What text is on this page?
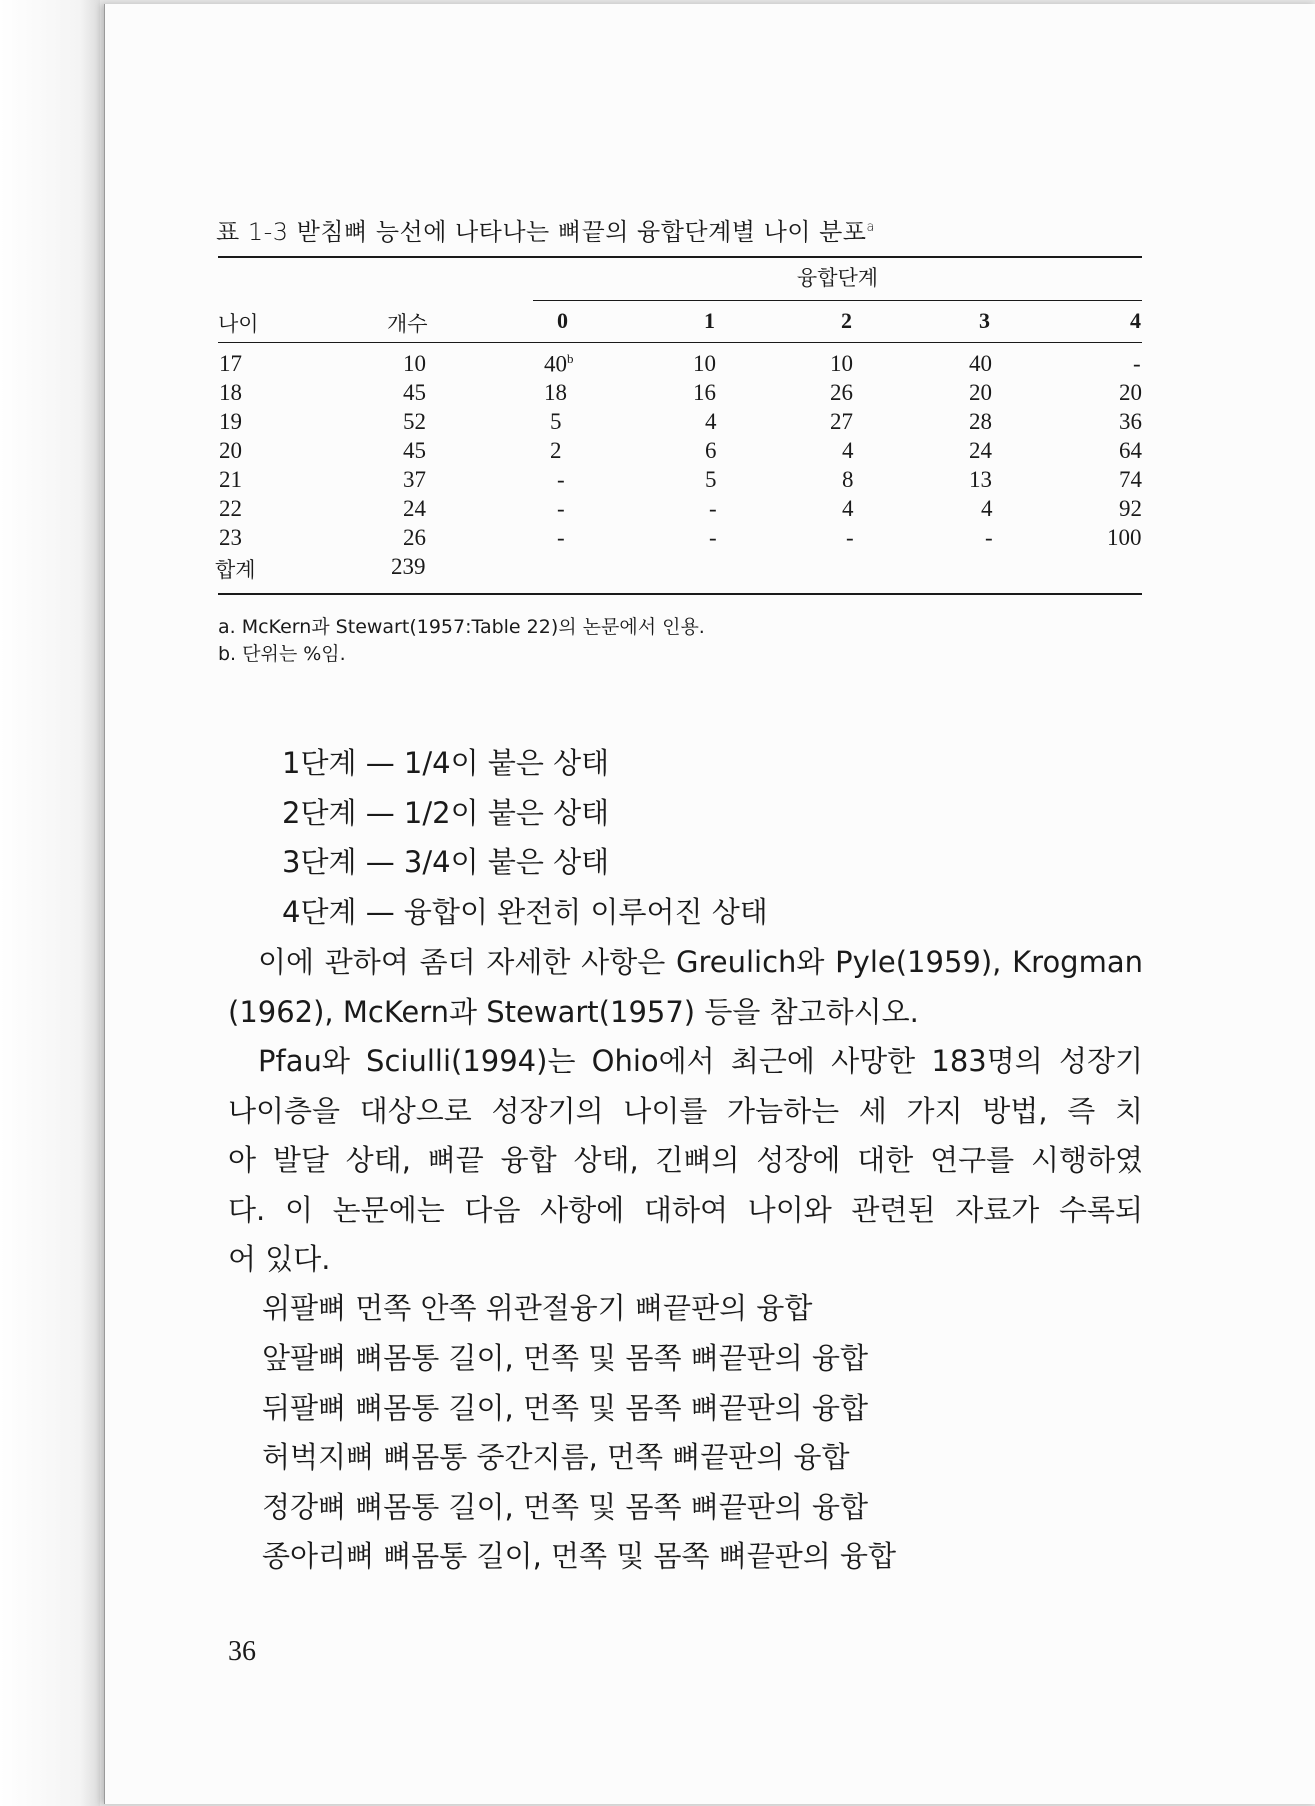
표 1-3 받침뼈 능선에 나타나는 뼈끝의 융합단계별 나이 분포$^a$
융합단계
나이	개수	0	1	2	3	4
17	10	40$^b$	10	10	40	-
18	45	18	16	26	20	20
19	52	5	4	27	28	36
20	45	2	6	4	24	64
21	37	-	5	8	13	74
22	24	-	-	4	4	92
23	26	-	-	-	-	100
합계	239
a. McKern과 Stewart(1957:Table 22)의 논문에서 인용.
b. 단위는 %임.
1단계 — 1/4이 붙은 상태
2단계 — 1/2이 붙은 상태
3단계 — 3/4이 붙은 상태
4단계 — 융합이 완전히 이루어진 상태
이에 관하여 좀더 자세한 사항은 Greulich와 Pyle(1959), Krogman
(1962), McKern과 Stewart(1957) 등을 참고하시오.
Pfau와 Sciulli(1994)는 Ohio에서 최근에 사망한 183명의 성장기
나이층을 대상으로 성장기의 나이를 가늠하는 세 가지 방법, 즉 치
아 발달 상태, 뼈끝 융합 상태, 긴뼈의 성장에 대한 연구를 시행하였
다. 이 논문에는 다음 사항에 대하여 나이와 관련된 자료가 수록되
어 있다.
위팔뼈 먼쪽 안쪽 위관절융기 뼈끝판의 융합
앞팔뼈 뼈몸통 길이, 먼쪽 및 몸쪽 뼈끝판의 융합
뒤팔뼈 뼈몸통 길이, 먼쪽 및 몸쪽 뼈끝판의 융합
허벅지뼈 뼈몸통 중간지름, 먼쪽 뼈끝판의 융합
정강뼈 뼈몸통 길이, 먼쪽 및 몸쪽 뼈끝판의 융합
종아리뼈 뼈몸통 길이, 먼쪽 및 몸쪽 뼈끝판의 융합
36
